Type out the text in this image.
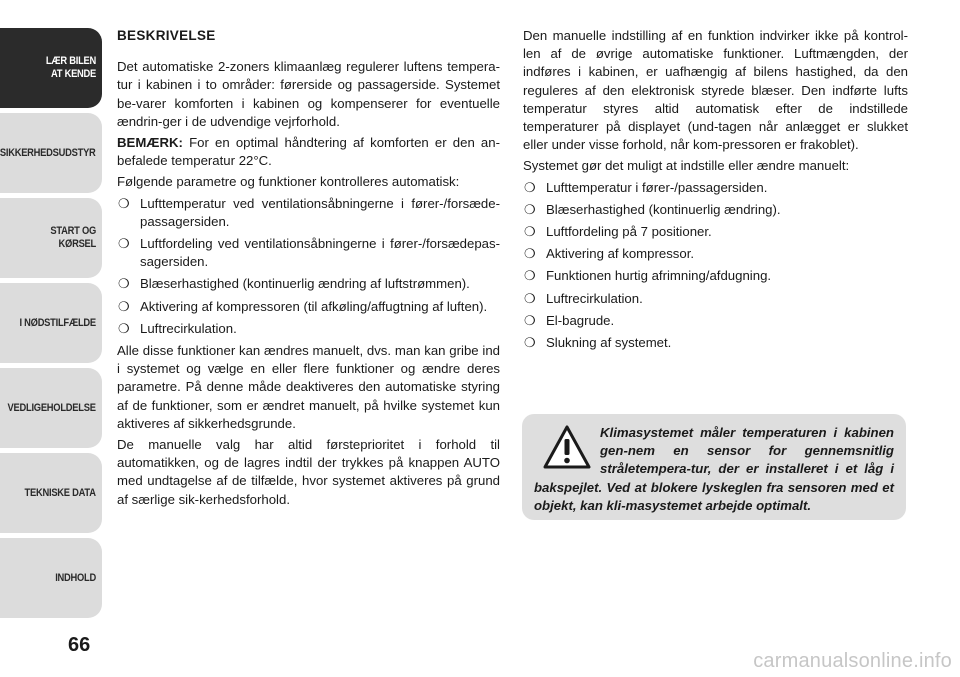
LÆR BILEN
AT KENDE
SIKKERHEDSUDSTYR
START OG KØRSEL
I NØDSTILFÆLDE
VEDLIGEHOLDELSE
TEKNISKE DATA
INDHOLD
66

BESKRIVELSE

Det automatiske 2-zoners klimaanlæg regulerer luftens tempera-tur i kabinen i to områder: førerside og passagerside. Systemet be-varer komforten i kabinen og kompenserer for eventuelle ændrin-ger i de udvendige vejrforhold.

BEMÆRK: For en optimal håndtering af komforten er den an-befalede temperatur 22°C.

Følgende parametre og funktioner kontrolleres automatisk:

❍ Lufttemperatur ved ventilationsåbningerne i fører-/forsæde-passagersiden.
❍ Luftfordeling ved ventilationsåbningerne i fører-/forsædepas-sagersiden.
❍ Blæserhastighed (kontinuerlig ændring af luftstrømmen).
❍ Aktivering af kompressoren (til afkøling/affugtning af luften).
❍ Luftrecirkulation.

Alle disse funktioner kan ændres manuelt, dvs. man kan gribe ind i systemet og vælge en eller flere funktioner og ændre deres parametre. På denne måde deaktiveres den automatiske styring af de funktioner, som er ændret manuelt, på hvilke systemet kun aktiveres af sikkerhedsgrunde.

De manuelle valg har altid førsteprioritet i forhold til automatikken, og de lagres indtil der trykkes på knappen AUTO med undtagelse af de tilfælde, hvor systemet aktiveres på grund af særlige sik-kerhedsforhold.

Den manuelle indstilling af en funktion indvirker ikke på kontrol-len af de øvrige automatiske funktioner. Luftmængden, der indføres i kabinen, er uafhængig af bilens hastighed, da den reguleres af den elektronisk styrede blæser. Den indførte lufts temperatur styres altid automatisk efter de indstillede temperaturer på displayet (und-tagen når anlægget er slukket eller under visse forhold, når kom-pressoren er frakoblet).

Systemet gør det muligt at indstille eller ændre manuelt:

❍ Lufttemperatur i fører-/passagersiden.
❍ Blæserhastighed (kontinuerlig ændring).
❍ Luftfordeling på 7 positioner.
❍ Aktivering af kompressor.
❍ Funktionen hurtig afrimning/afdugning.
❍ Luftrecirkulation.
❍ El-bagrude.
❍ Slukning af systemet.

Klimasystemet måler temperaturen i kabinen gen-nem en sensor for gennemsnitlig stråletempera-tur, der er installeret i et låg i bakspejlet. Ved at blokere lyskeglen fra sensoren med et objekt, kan kli-masystemet arbejde optimalt.

carmanualsonline.info
